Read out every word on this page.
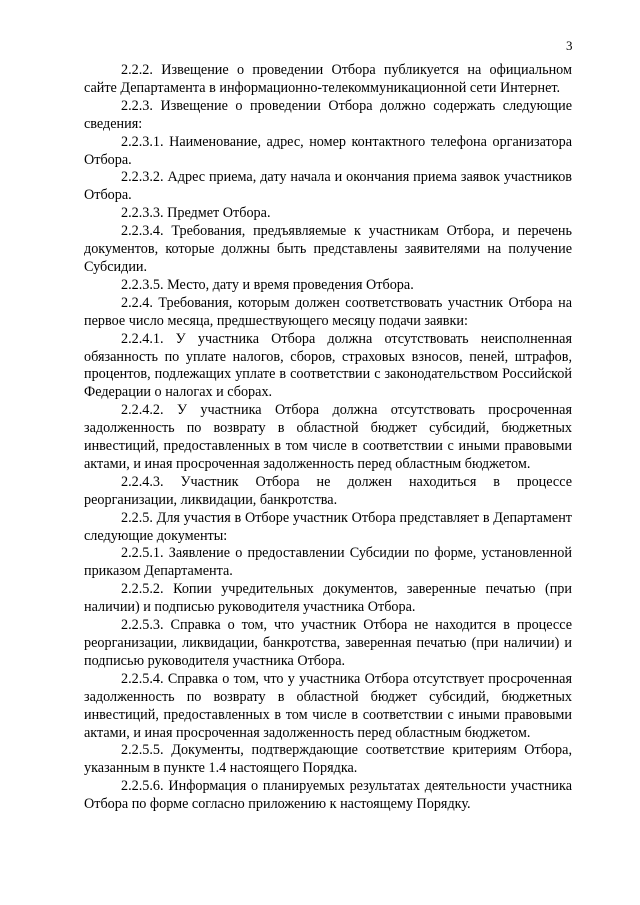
3

2.2.2. Извещение о проведении Отбора публикуется на официальном сайте Департамента в информационно-телекоммуникационной сети Интернет.

2.2.3. Извещение о проведении Отбора должно содержать следующие сведения:

2.2.3.1. Наименование, адрес, номер контактного телефона организатора Отбора.

2.2.3.2. Адрес приема, дату начала и окончания приема заявок участников Отбора.

2.2.3.3. Предмет Отбора.

2.2.3.4. Требования, предъявляемые к участникам Отбора, и перечень документов, которые должны быть представлены заявителями на получение Субсидии.

2.2.3.5. Место, дату и время проведения Отбора.

2.2.4. Требования, которым должен соответствовать участник Отбора на первое число месяца, предшествующего месяцу подачи заявки:

2.2.4.1. У участника Отбора должна отсутствовать неисполненная обязанность по уплате налогов, сборов, страховых взносов, пеней, штрафов, процентов, подлежащих уплате в соответствии с законодательством Российской Федерации о налогах и сборах.

2.2.4.2. У участника Отбора должна отсутствовать просроченная задолженность по возврату в областной бюджет субсидий, бюджетных инвестиций, предоставленных в том числе в соответствии с иными правовыми актами, и иная просроченная задолженность перед областным бюджетом.

2.2.4.3. Участник Отбора не должен находиться в процессе реорганизации, ликвидации, банкротства.

2.2.5. Для участия в Отборе участник Отбора представляет в Департамент следующие документы:

2.2.5.1. Заявление о предоставлении Субсидии по форме, установленной приказом Департамента.

2.2.5.2. Копии учредительных документов, заверенные печатью (при наличии) и подписью руководителя участника Отбора.

2.2.5.3. Справка о том, что участник Отбора не находится в процессе реорганизации, ликвидации, банкротства, заверенная печатью (при наличии) и подписью руководителя участника Отбора.

2.2.5.4. Справка о том, что у участника Отбора отсутствует просроченная задолженность по возврату в областной бюджет субсидий, бюджетных инвестиций, предоставленных в том числе в соответствии с иными правовыми актами, и иная просроченная задолженность перед областным бюджетом.

2.2.5.5. Документы, подтверждающие соответствие критериям Отбора, указанным в пункте 1.4 настоящего Порядка.

2.2.5.6. Информация о планируемых результатах деятельности участника Отбора по форме согласно приложению к настоящему Порядку.
